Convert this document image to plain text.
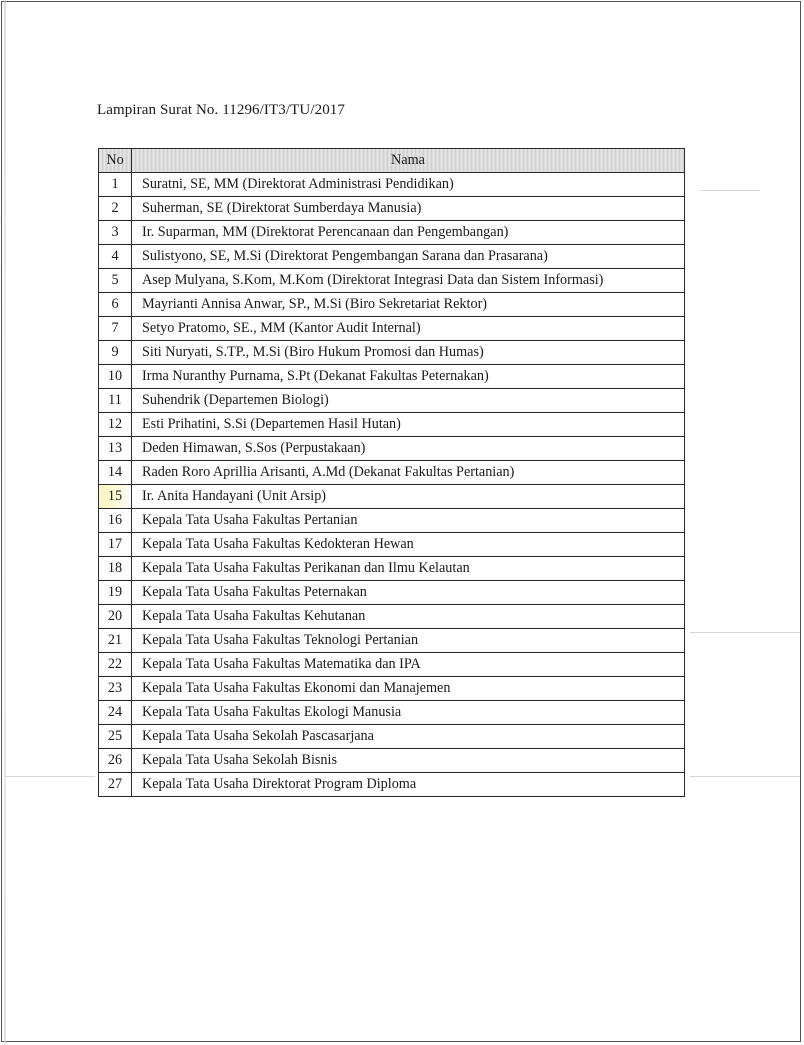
Lampiran Surat No. 11296/IT3/TU/2017
No	Nama
1	Suratni, SE, MM (Direktorat Administrasi Pendidikan)
2	Suherman, SE (Direktorat Sumberdaya Manusia)
3	Ir. Suparman, MM (Direktorat Perencanaan dan Pengembangan)
4	Sulistyono, SE, M.Si (Direktorat Pengembangan Sarana dan Prasarana)
5	Asep Mulyana, S.Kom, M.Kom (Direktorat Integrasi Data dan Sistem Informasi)
6	Mayrianti Annisa Anwar, SP., M.Si (Biro Sekretariat Rektor)
7	Setyo Pratomo, SE., MM (Kantor Audit Internal)
9	Siti Nuryati, S.TP., M.Si (Biro Hukum Promosi dan Humas)
10	Irma Nuranthy Purnama, S.Pt (Dekanat Fakultas Peternakan)
11	Suhendrik (Departemen Biologi)
12	Esti Prihatini, S.Si (Departemen Hasil Hutan)
13	Deden Himawan, S.Sos (Perpustakaan)
14	Raden Roro Aprillia Arisanti, A.Md (Dekanat Fakultas Pertanian)
15	Ir. Anita Handayani (Unit Arsip)
16	Kepala Tata Usaha Fakultas Pertanian
17	Kepala Tata Usaha Fakultas Kedokteran Hewan
18	Kepala Tata Usaha Fakultas Perikanan dan Ilmu Kelautan
19	Kepala Tata Usaha Fakultas Peternakan
20	Kepala Tata Usaha Fakultas Kehutanan
21	Kepala Tata Usaha Fakultas Teknologi Pertanian
22	Kepala Tata Usaha Fakultas Matematika dan IPA
23	Kepala Tata Usaha Fakultas Ekonomi dan Manajemen
24	Kepala Tata Usaha Fakultas Ekologi Manusia
25	Kepala Tata Usaha Sekolah Pascasarjana
26	Kepala Tata Usaha Sekolah Bisnis
27	Kepala Tata Usaha Direktorat Program Diploma
